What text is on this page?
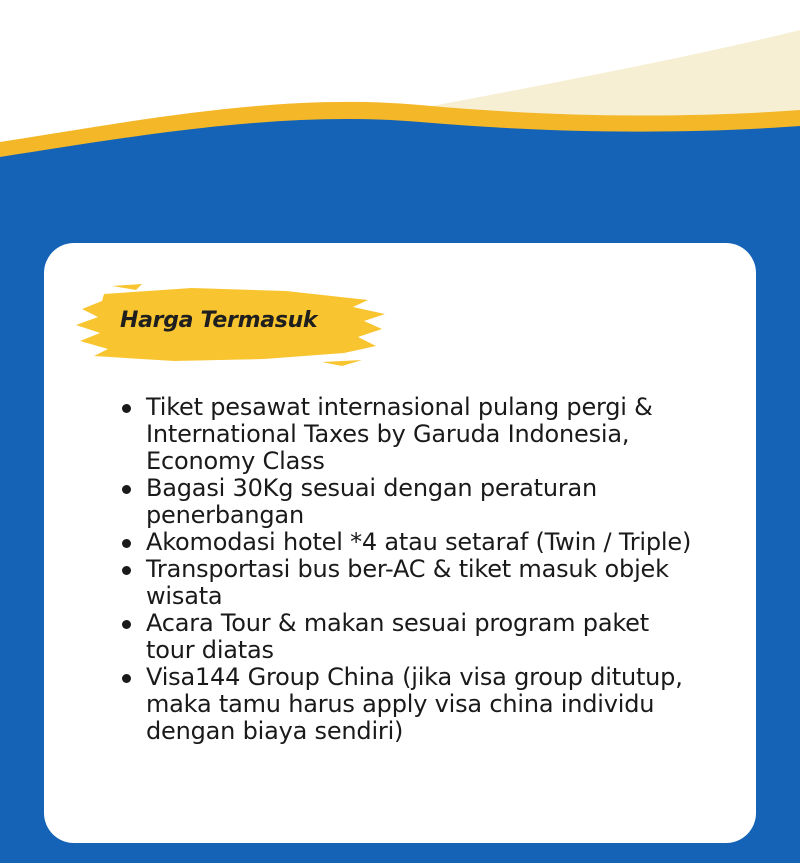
Harga Termasuk
Tiket pesawat internasional pulang pergi & International Taxes by Garuda Indonesia, Economy Class
Bagasi 30Kg sesuai dengan peraturan penerbangan
Akomodasi hotel *4 atau setaraf (Twin / Triple)
Transportasi bus ber-AC & tiket masuk objek wisata
Acara Tour & makan sesuai program paket tour diatas
Visa144 Group China (jika visa group ditutup, maka tamu harus apply visa china individu dengan biaya sendiri)
